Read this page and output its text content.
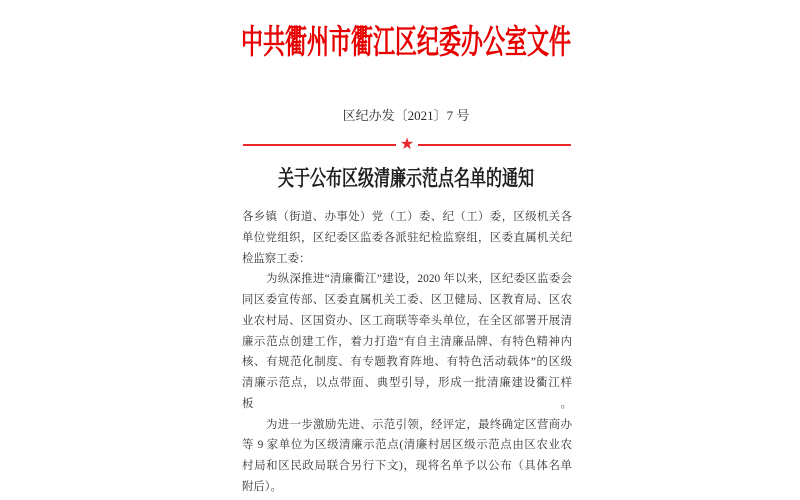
中共衢州市衢江区纪委办公室文件
区纪办发〔2021〕7 号
★
关于公布区级清廉示范点名单的通知
各乡镇（街道、办事处）党（工）委、纪（工）委，区级机关各
单位党组织，区纪委区监委各派驻纪检监察组，区委直属机关纪
检监察工委：
为纵深推进“清廉衢江”建设，2020 年以来，区纪委区监委会
同区委宣传部、区委直属机关工委、区卫健局、区教育局、区农
业农村局、区国资办、区工商联等牵头单位，在全区部署开展清
廉示范点创建工作，着力打造“有自主清廉品牌、有特色精神内
核、有规范化制度、有专题教育阵地、有特色活动载体”的区级
清廉示范点，以点带面、典型引导，形成一批清廉建设衢江样板。
为进一步激励先进、示范引领，经评定，最终确定区营商办
等 9 家单位为区级清廉示范点(清廉村居区级示范点由区农业农
村局和区民政局联合另行下文)，现将名单予以公布（具体名单
附后）。
